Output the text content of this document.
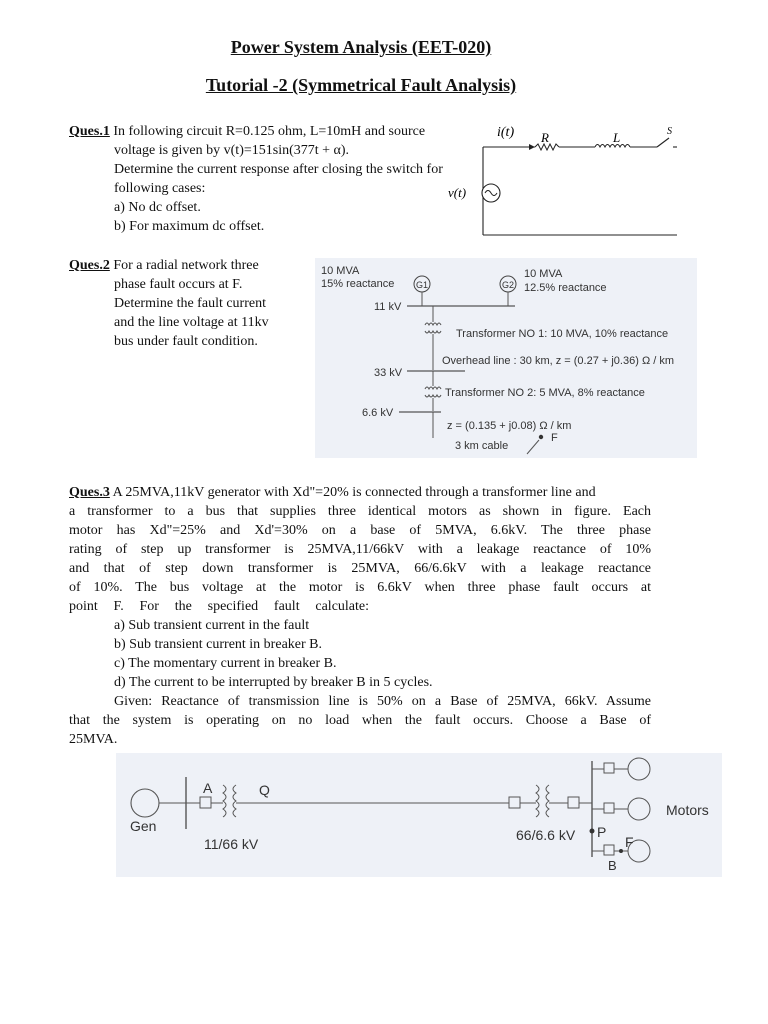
Power System Analysis (EET-020)
Tutorial -2 (Symmetrical Fault Analysis)
Ques.1 In following circuit R=0.125 ohm, L=10mH and source
voltage is given by v(t)=151sin(377t + α).
Determine the current response after closing the switch for
following cases:
a) No dc offset.
b) For maximum dc offset.
i(t) R	L	S
v(t)
Ques.2 For a radial network three
phase fault occurs at F.
Determine the fault current
and the line voltage at 11kv
bus under fault condition.
10 MVA
15% reactance G1
10 MVA
G2 12.5% reactance
11 kV
Transformer NO 1: 10 MVA, 10% reactance
Overhead line : 30 km, z = (0.27 + j0.36) Ω / km
33 kV
Transformer NO 2: 5 MVA, 8% reactance
6.6 kV
z = (0.135 + j0.08) Ω / km
F
3 km cable
Ques.3 A 25MVA,11kV generator with Xd"=20% is connected through a transformer line and
a transformer to a bus that supplies three identical motors as shown in figure. Each
motor has Xd"=25% and Xd'=30% on a base of 5MVA, 6.6kV. The three phase
rating of step up transformer is 25MVA,11/66kV with a leakage reactance of 10%
and that of step down transformer is 25MVA, 66/6.6kV with a leakage reactance
of 10%. The bus voltage at the motor is 6.6kV when three phase fault occurs at
point F. For the specified fault calculate:
a) Sub transient current in the fault
b) Sub transient current in breaker B.
c) The momentary current in breaker B.
d) The current to be interrupted by breaker B in 5 cycles.
Given: Reactance of transmission line is 50% on a Base of 25MVA, 66kV. Assume
that the system is operating on no load when the fault occurs. Choose a Base of
25MVA.
Gen
A	Q
11/66 kV
66/6.6 kV P
Motors
B
F
